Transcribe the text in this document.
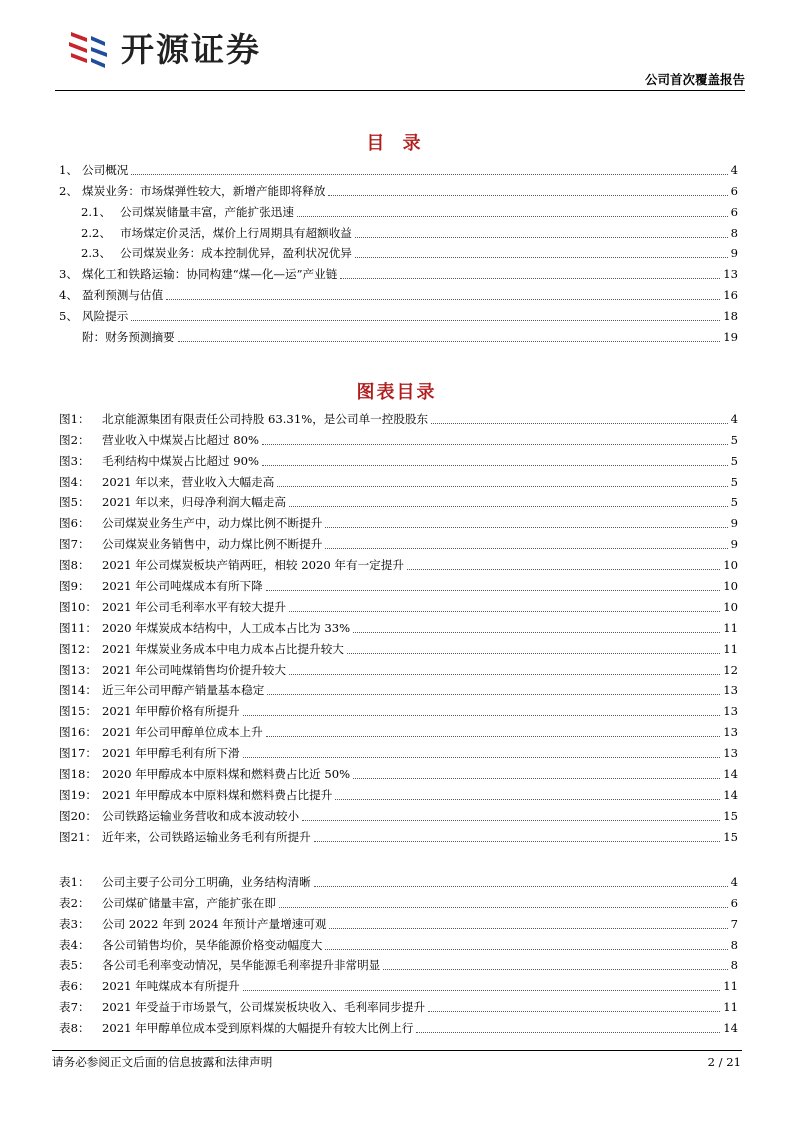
开源证券
公司首次覆盖报告
目 录
1、 公司概况	4
2、 煤炭业务：市场煤弹性较大，新增产能即将释放	6
2.1、 公司煤炭储量丰富，产能扩张迅速	6
2.2、 市场煤定价灵活，煤价上行周期具有超额收益	8
2.3、 公司煤炭业务：成本控制优异，盈利状况优异	9
3、 煤化工和铁路运输：协同构建“煤—化—运”产业链	13
4、 盈利预测与估值	16
5、 风险提示	18
附：财务预测摘要	19
图表目录
图1：	北京能源集团有限责任公司持股 63.31%，是公司单一控股股东	4
图2：	营业收入中煤炭占比超过 80%	5
图3：	毛利结构中煤炭占比超过 90%	5
图4：	2021 年以来，营业收入大幅走高	5
图5：	2021 年以来，归母净利润大幅走高	5
图6：	公司煤炭业务生产中，动力煤比例不断提升	9
图7：	公司煤炭业务销售中，动力煤比例不断提升	9
图8：	2021 年公司煤炭板块产销两旺，相较 2020 年有一定提升	10
图9：	2021 年公司吨煤成本有所下降	10
图10： 2021 年公司毛利率水平有较大提升	10
图11： 2020 年煤炭成本结构中，人工成本占比为 33%	11
图12： 2021 年煤炭业务成本中电力成本占比提升较大	11
图13： 2021 年公司吨煤销售均价提升较大	12
图14： 近三年公司甲醇产销量基本稳定	13
图15： 2021 年甲醇价格有所提升	13
图16： 2021 年公司甲醇单位成本上升	13
图17： 2021 年甲醇毛利有所下滑	13
图18： 2020 年甲醇成本中原料煤和燃料费占比近 50%	14
图19： 2021 年甲醇成本中原料煤和燃料费占比提升	14
图20： 公司铁路运输业务营收和成本波动较小	15
图21： 近年来，公司铁路运输业务毛利有所提升	15
表1：	公司主要子公司分工明确，业务结构清晰	4
表2：	公司煤矿储量丰富，产能扩张在即	6
表3：	公司 2022 年到 2024 年预计产量增速可观	7
表4：	各公司销售均价，昊华能源价格变动幅度大	8
表5：	各公司毛利率变动情况，昊华能源毛利率提升非常明显	8
表6：	2021 年吨煤成本有所提升	11
表7：	2021 年受益于市场景气，公司煤炭板块收入、毛利率同步提升	11
表8：	2021 年甲醇单位成本受到原料煤的大幅提升有较大比例上行	14
请务必参阅正文后面的信息披露和法律声明	2 / 21
